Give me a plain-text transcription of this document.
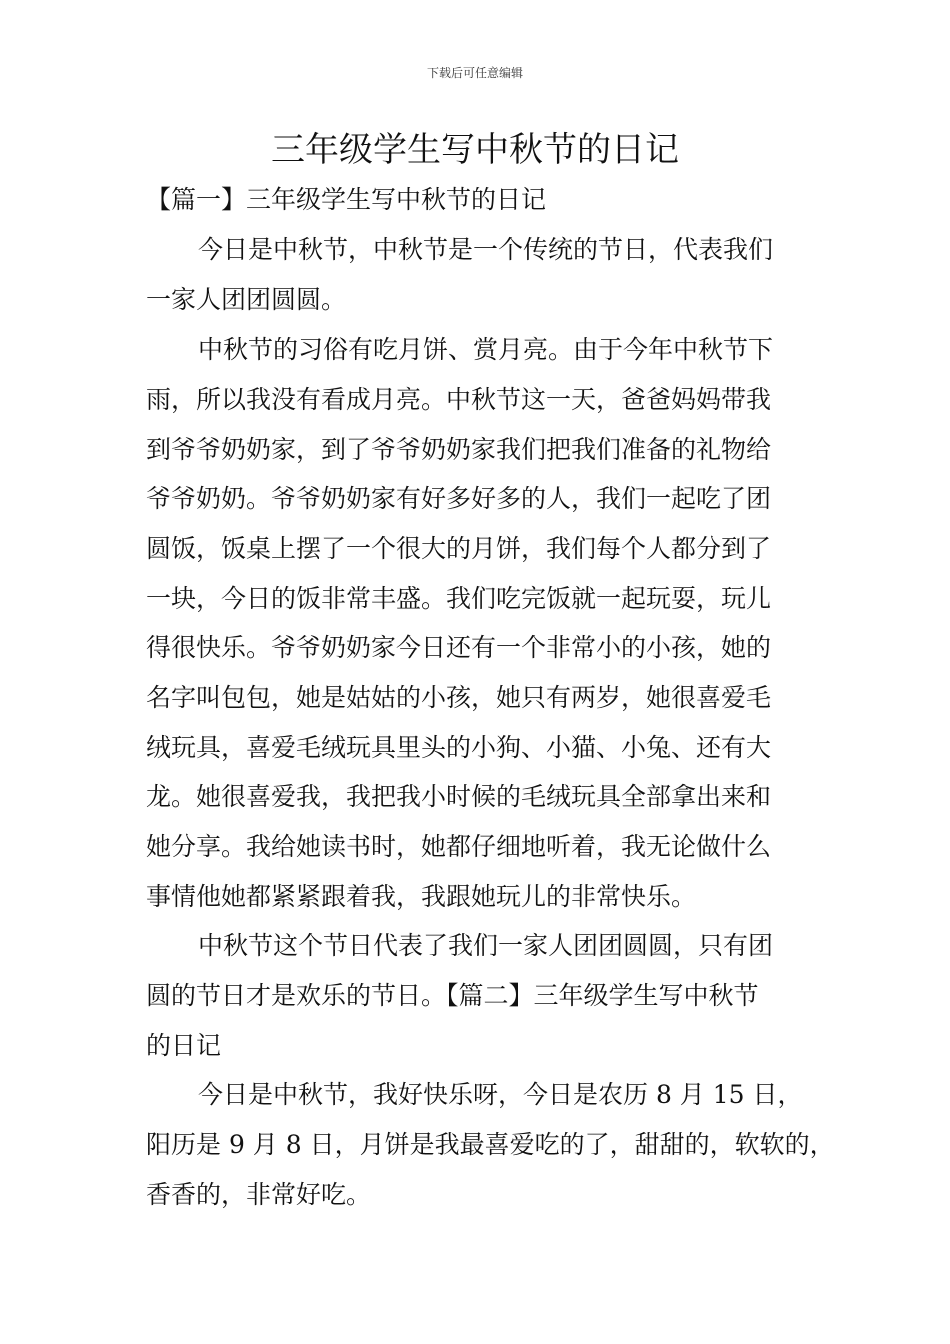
下载后可任意编辑
三年级学生写中秋节的日记

【篇一】三年级学生写中秋节的日记

今日是中秋节，中秋节是一个传统的节日，代表我们

一家人团团圆圆。

中秋节的习俗有吃月饼、赏月亮。由于今年中秋节下

雨，所以我没有看成月亮。中秋节这一天，爸爸妈妈带我

到爷爷奶奶家，到了爷爷奶奶家我们把我们准备的礼物给

爷爷奶奶。爷爷奶奶家有好多好多的人，我们一起吃了团

圆饭，饭桌上摆了一个很大的月饼，我们每个人都分到了

一块，今日的饭非常丰盛。我们吃完饭就一起玩耍，玩儿

得很快乐。爷爷奶奶家今日还有一个非常小的小孩，她的

名字叫包包，她是姑姑的小孩，她只有两岁，她很喜爱毛

绒玩具，喜爱毛绒玩具里头的小狗、小猫、小兔、还有大

龙。她很喜爱我，我把我小时候的毛绒玩具全部拿出来和

她分享。我给她读书时，她都仔细地听着，我无论做什么

事情他她都紧紧跟着我，我跟她玩儿的非常快乐。

中秋节这个节日代表了我们一家人团团圆圆，只有团

圆的节日才是欢乐的节日。【篇二】三年级学生写中秋节

的日记

今日是中秋节，我好快乐呀，今日是农历 8 月 15 日，

阳历是 9 月 8 日，月饼是我最喜爱吃的了，甜甜的，软软的，

香香的，非常好吃。
